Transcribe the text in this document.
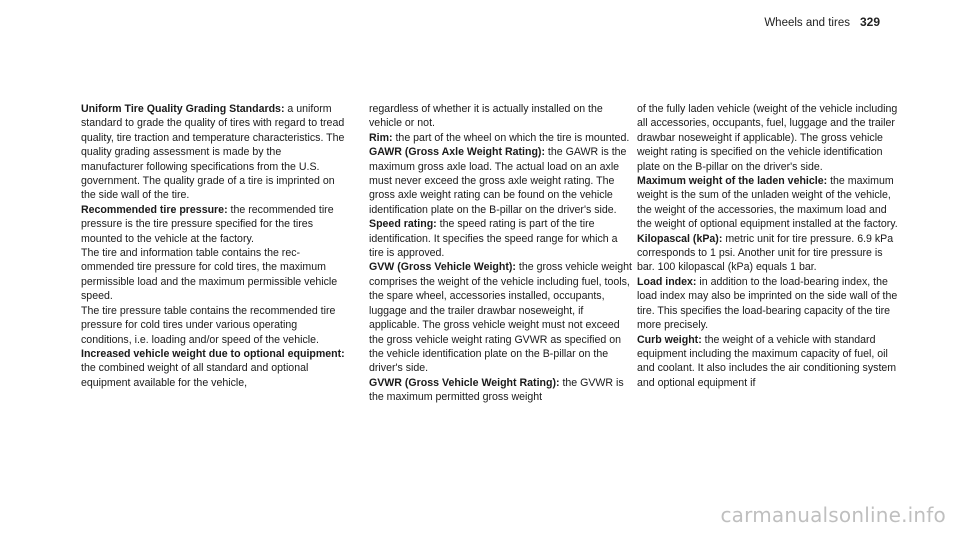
Wheels and tires 329

Uniform Tire Quality Grading Standards: a uniform standard to grade the quality of tires with regard to tread quality, tire traction and temperature characteristics. The quality grading assessment is made by the manufacturer following specifications from the U.S. government. The quality grade of a tire is imprinted on the side wall of the tire.

Recommended tire pressure: the recommended tire pressure is the tire pressure specified for the tires mounted to the vehicle at the factory.

The tire and information table contains the recommended tire pressure for cold tires, the maximum permissible load and the maximum permissible vehicle speed.

The tire pressure table contains the recommended tire pressure for cold tires under various operating conditions, i.e. loading and/or speed of the vehicle.

Increased vehicle weight due to optional equipment: the combined weight of all standard and optional equipment available for the vehicle,

regardless of whether it is actually installed on the vehicle or not.

Rim: the part of the wheel on which the tire is mounted.

GAWR (Gross Axle Weight Rating): the GAWR is the maximum gross axle load. The actual load on an axle must never exceed the gross axle weight rating. The gross axle weight rating can be found on the vehicle identification plate on the B-pillar on the driver's side.

Speed rating: the speed rating is part of the tire identification. It specifies the speed range for which a tire is approved.

GVW (Gross Vehicle Weight): the gross vehicle weight comprises the weight of the vehicle including fuel, tools, the spare wheel, accessories installed, occupants, luggage and the trailer drawbar noseweight, if applicable. The gross vehicle weight must not exceed the gross vehicle weight rating GVWR as specified on the vehicle identification plate on the B-pillar on the driver's side.

GVWR (Gross Vehicle Weight Rating): the GVWR is the maximum permitted gross weight

of the fully laden vehicle (weight of the vehicle including all accessories, occupants, fuel, luggage and the trailer drawbar noseweight if applicable). The gross vehicle weight rating is specified on the vehicle identification plate on the B-pillar on the driver's side.

Maximum weight of the laden vehicle: the maximum weight is the sum of the unladen weight of the vehicle, the weight of the accessories, the maximum load and the weight of optional equipment installed at the factory.

Kilopascal (kPa): metric unit for tire pressure. 6.9 kPa corresponds to 1 psi. Another unit for tire pressure is bar. 100 kilopascal (kPa) equals 1 bar.

Load index: in addition to the load-bearing index, the load index may also be imprinted on the side wall of the tire. This specifies the load-bearing capacity of the tire more precisely.

Curb weight: the weight of a vehicle with standard equipment including the maximum capacity of fuel, oil and coolant. It also includes the air conditioning system and optional equipment if

carmanualsonline.info
